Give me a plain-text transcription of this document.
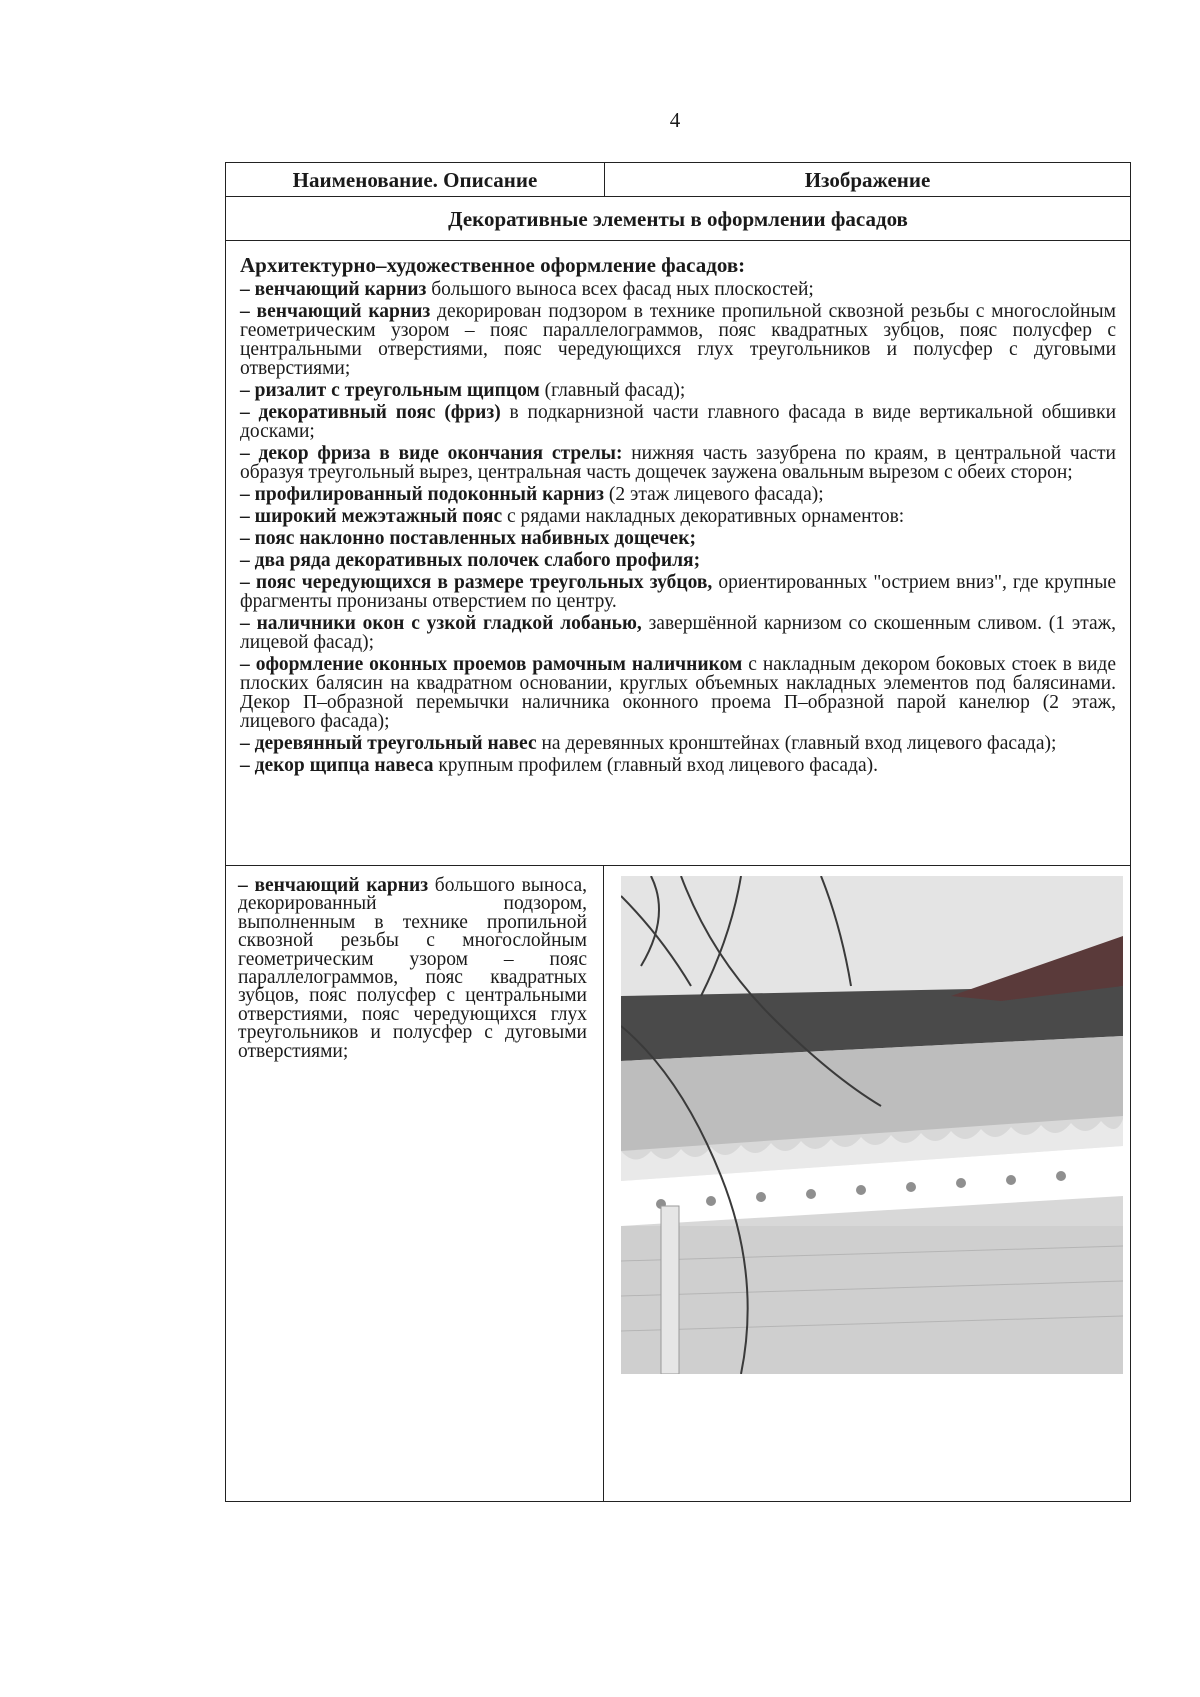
4
Наименование. Описание	Изображение
Декоративные элементы в оформлении фасадов

Архитектурно–художественное оформление фасадов:

– венчающий карниз большого выноса всех фасад ных плоскостей;

– венчающий карниз декорирован подзором в технике пропильной сквозной резьбы с многослойным геометрическим узором – пояс параллелограммов, пояс квадратных зубцов, пояс полусфер с центральными отверстиями, пояс чередующихся глух треугольников и полусфер с дуговыми отверстиями;

– ризалит с треугольным щипцом (главный фасад);

– декоративный пояс (фриз) в подкарнизной части главного фасада в виде вертикальной обшивки досками;

– декор фриза в виде окончания стрелы: нижняя часть зазубрена по краям, в центральной части образуя треугольный вырез, центральная часть дощечек заужена овальным вырезом с обеих сторон;

– профилированный подоконный карниз (2 этаж лицевого фасада);

– широкий межэтажный пояс с рядами накладных декоративных орнаментов:

– пояс наклонно поставленных набивных дощечек;

– два ряда декоративных полочек слабого профиля;

– пояс чередующихся в размере треугольных зубцов, ориентированных "острием вниз", где крупные фрагменты пронизаны отверстием по центру.

– наличники окон с узкой гладкой лобанью, завершённой карнизом со скошенным сливом. (1 этаж, лицевой фасад);

– оформление оконных проемов рамочным наличником с накладным декором боковых стоек в виде плоских балясин на квадратном основании, круглых объемных накладных элементов под балясинами. Декор П–образной перемычки наличника оконного проема П–образной парой канелюр (2 этаж, лицевого фасада);

– деревянный треугольный навес на деревянных кронштейнах (главный вход лицевого фасада);

– декор щипца навеса крупным профилем (главный вход лицевого фасада).

– венчающий карниз большого выноса, декорированный подзором, выполненным в технике пропильной сквозной резьбы с многослойным геометрическим узором – пояс параллелограммов, пояс квадратных зубцов, пояс полусфер с центральными отверстиями, пояс чередующихся глух треугольников и полусфер с дуговыми отверстиями;
